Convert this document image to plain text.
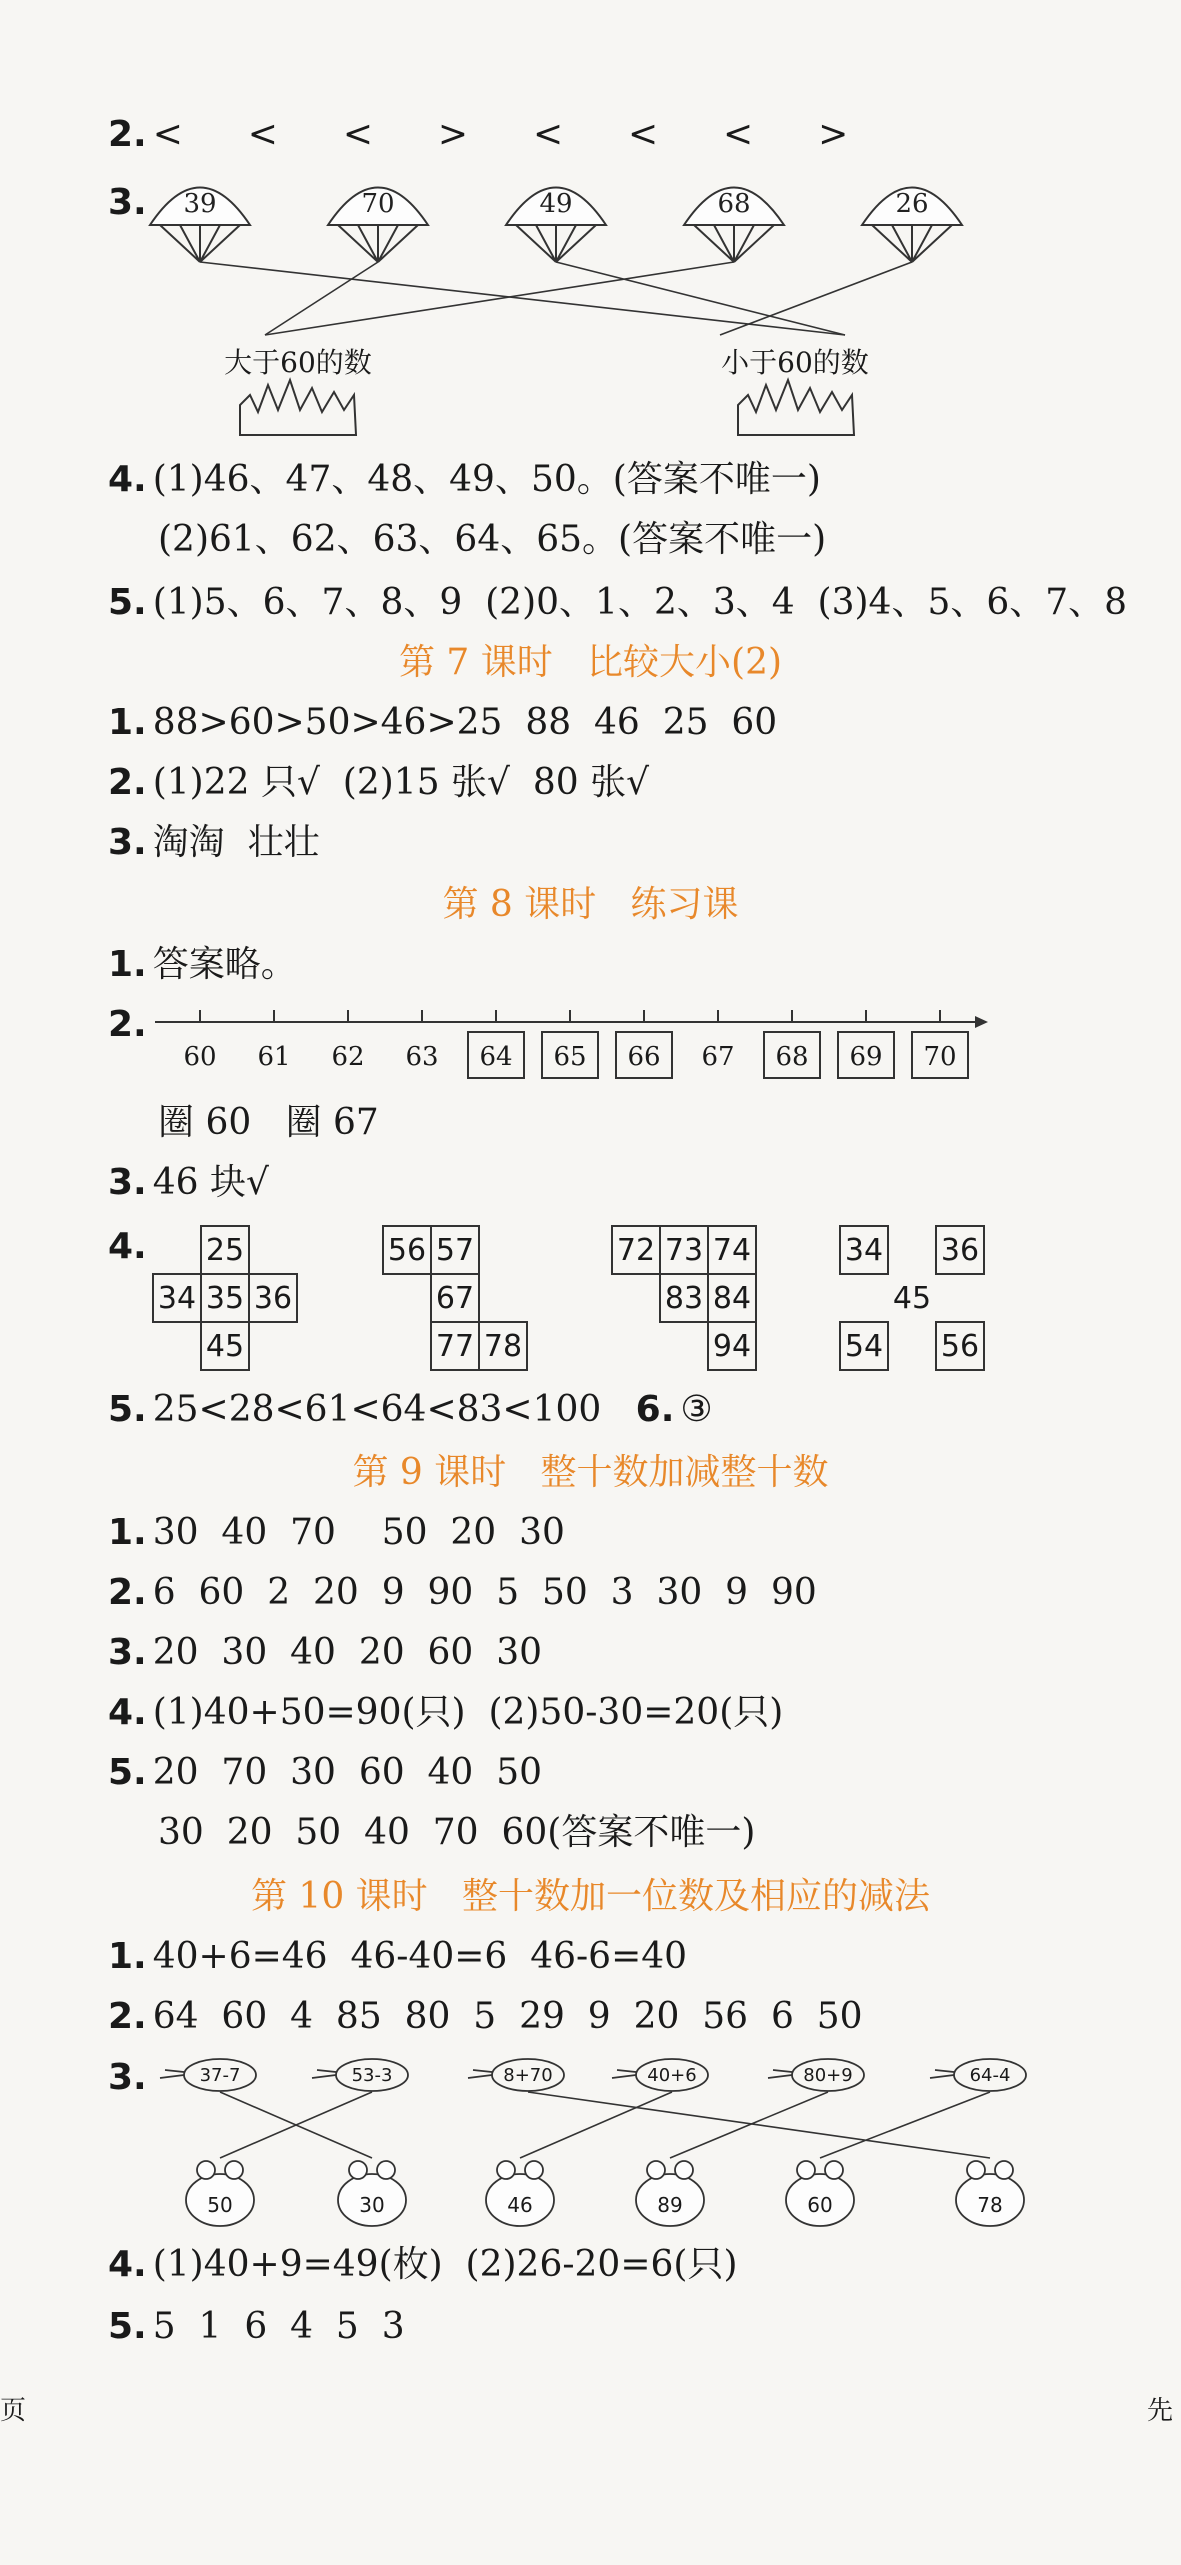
2. <  <  <  >  <  <  <  >
3. 39	70	49	68	26
大于60的数	小于60的数
4. (1)46、47、48、49、50。(答案不唯一)
(2)61、62、63、64、65。(答案不唯一)
5. (1)5、6、7、8、9  (2)0、1、2、3、4  (3)4、5、6、7、8
第 7 课时   比较大小(2)
1. 88>60>50>46>25  88  46  25  60
2. (1)22 只√  (2)15 张√  80 张√
3. 淘淘  壮壮
第 8 课时   练习课
1. 答案略。
2.
60 61 62 63 64 65 66 67 68 69 70
圈 60   圈 67
3. 46 块√
4. 25
34 35 36
45
56 57
67
77 78
72 73 74
83 84
94
34 36
45
54 56
5. 25<28<61<64<83<100 6. ③
第 9 课时   整十数加减整十数
1. 30  40  70    50  20  30
2. 6  60  2  20  9  90  5  50  3  30  9  90
3. 20  30  40  20  60  30
4. (1)40+50=90(只)  (2)50-30=20(只)
5. 20  70  30  60  40  50
30  20  50  40  70  60(答案不唯一)
第 10 课时   整十数加一位数及相应的减法
1. 40+6=46  46-40=6  46-6=40
2. 64  60  4  85  80  5  29  9  20  56  6  50
3.	37-7	53-3	8+70	40+6	80+9	64-4
50	30	46	89	60	78
4. (1)40+9=49(枚)  (2)26-20=6(只)
5. 5  1  6  4  5  3
页	先
